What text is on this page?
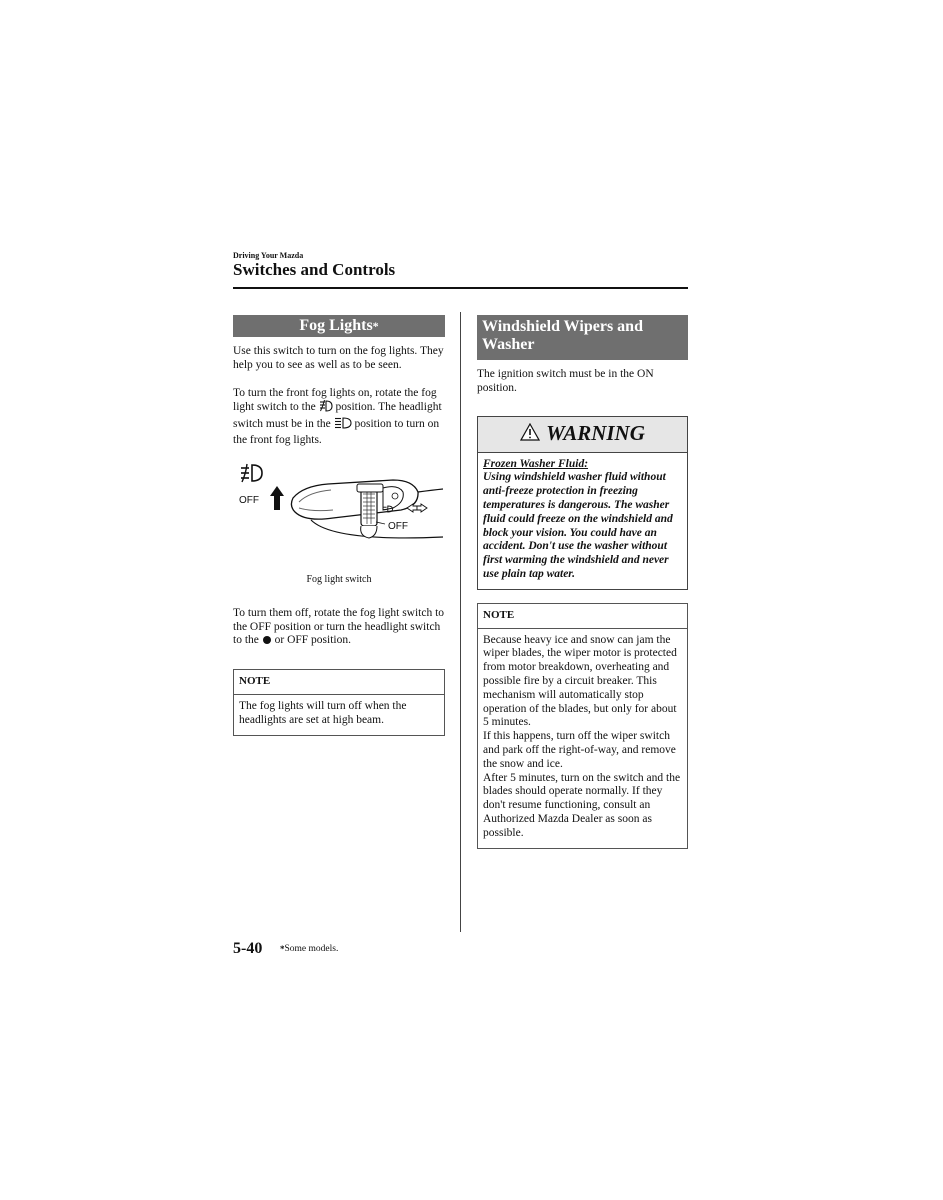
Driving Your Mazda
Switches and Controls
Fog Lights*

Use this switch to turn on the fog lights. They help you to see as well as to be seen.

To turn the front fog lights on, rotate the fog light switch to the position. The headlight switch must be in the position to turn on the front fog lights.

OFF
OFF
Fog light switch

To turn them off, rotate the fog light switch to the OFF position or turn the headlight switch to the or OFF position.

NOTE
The fog lights will turn off when the headlights are set at high beam.
Windshield Wipers and Washer

The ignition switch must be in the ON position.

WARNING
Frozen Washer Fluid:
Using windshield washer fluid without anti-freeze protection in freezing temperatures is dangerous. The washer fluid could freeze on the windshield and block your vision. You could have an accident. Don't use the washer without first warming the windshield and never use plain tap water.
NOTE
Because heavy ice and snow can jam the wiper blades, the wiper motor is protected from motor breakdown, overheating and possible fire by a circuit breaker. This mechanism will automatically stop operation of the blades, but only for about 5 minutes.
If this happens, turn off the wiper switch and park off the right-of-way, and remove the snow and ice.
After 5 minutes, turn on the switch and the blades should operate normally. If they don't resume functioning, consult an Authorized Mazda Dealer as soon as possible.
5-40 *Some models.
